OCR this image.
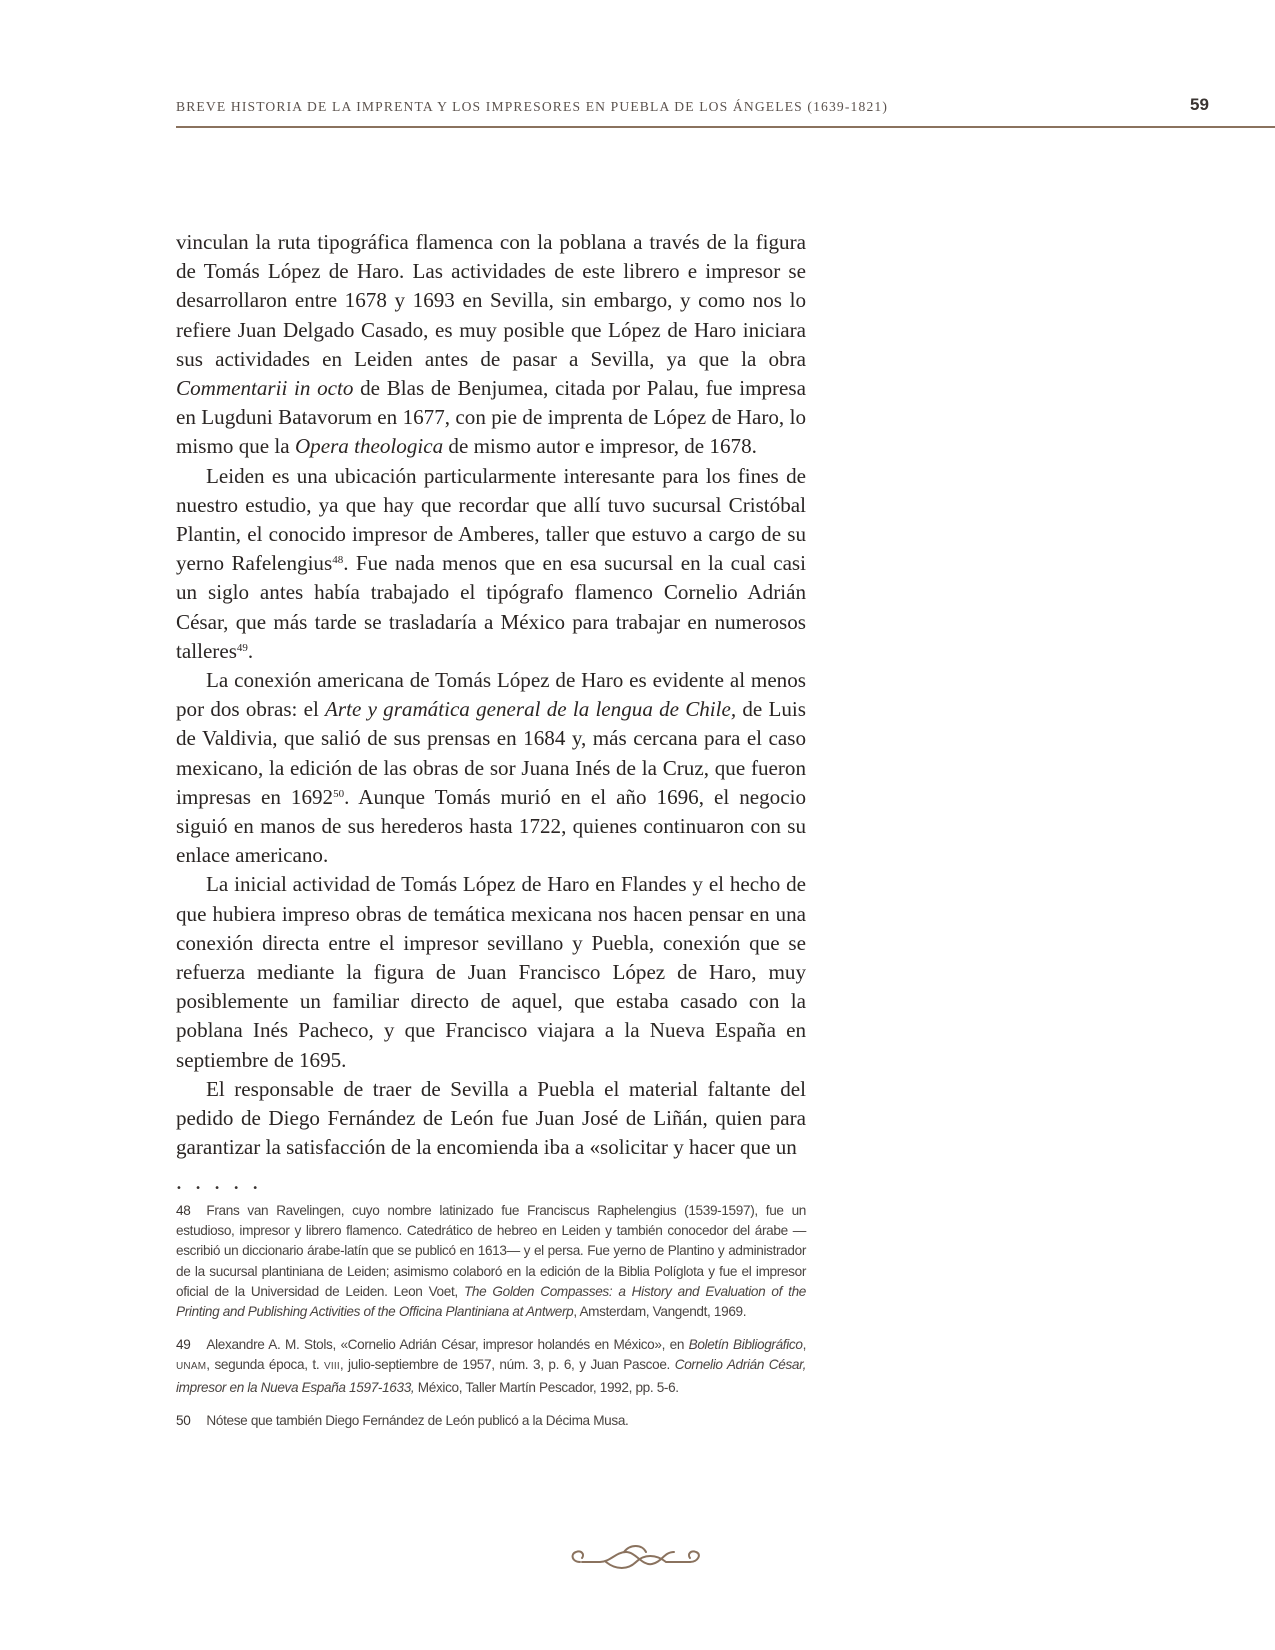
BREVE HISTORIA DE LA IMPRENTA Y LOS IMPRESORES EN PUEBLA DE LOS ÁNGELES (1639-1821)	59

vinculan la ruta tipográfica flamenca con la poblana a través de la figura de Tomás López de Haro. Las actividades de este librero e impresor se desarrollaron entre 1678 y 1693 en Sevilla, sin embargo, y como nos lo refiere Juan Delgado Casado, es muy posible que López de Haro iniciara sus actividades en Leiden antes de pasar a Sevilla, ya que la obra Commentarii in octo de Blas de Benjumea, citada por Palau, fue impresa en Lugduni Batavorum en 1677, con pie de imprenta de López de Haro, lo mismo que la Opera theologica de mismo autor e impresor, de 1678.

Leiden es una ubicación particularmente interesante para los fines de nuestro estudio, ya que hay que recordar que allí tuvo sucursal Cristóbal Plantin, el conocido impresor de Amberes, taller que estuvo a cargo de su yerno Rafelengius$^{48}$. Fue nada menos que en esa sucursal en la cual casi un siglo antes había trabajado el tipógrafo flamenco Cornelio Adrián César, que más tarde se trasladaría a México para trabajar en numerosos talleres$^{49}$.

La conexión americana de Tomás López de Haro es evidente al menos por dos obras: el Arte y gramática general de la lengua de Chile, de Luis de Valdivia, que salió de sus prensas en 1684 y, más cercana para el caso mexicano, la edición de las obras de sor Juana Inés de la Cruz, que fueron impresas en 1692$^{50}$. Aunque Tomás murió en el año 1696, el negocio siguió en manos de sus herederos hasta 1722, quienes continuaron con su enlace americano.

La inicial actividad de Tomás López de Haro en Flandes y el hecho de que hubiera impreso obras de temática mexicana nos hacen pensar en una conexión directa entre el impresor sevillano y Puebla, conexión que se refuerza mediante la figura de Juan Francisco López de Haro, muy posiblemente un familiar directo de aquel, que estaba casado con la poblana Inés Pacheco, y que Francisco viajara a la Nueva España en septiembre de 1695.

El responsable de traer de Sevilla a Puebla el material faltante del pedido de Diego Fernández de León fue Juan José de Liñán, quien para garantizar la satisfacción de la encomienda iba a «solicitar y hacer que un

• • • • •

48 Frans van Ravelingen, cuyo nombre latinizado fue Franciscus Raphelengius (1539-1597), fue un estudioso, impresor y librero flamenco. Catedrático de hebreo en Leiden y también conocedor del árabe —escribió un diccionario árabe-latín que se publicó en 1613— y el persa. Fue yerno de Plantino y administrador de la sucursal plantiniana de Leiden; asimismo colaboró en la edición de la Biblia Políglota y fue el impresor oficial de la Universidad de Leiden. Leon Voet, The Golden Compasses: a History and Evaluation of the Printing and Publishing Activities of the Officina Plantiniana at Antwerp, Amsterdam, Vangendt, 1969.

49 Alexandre A. M. Stols, «Cornelio Adrián César, impresor holandés en México», en Boletín Bibliográfico, UNAM, segunda época, t. VIII, julio-septiembre de 1957, núm. 3, p. 6, y Juan Pascoe. Cornelio Adrián César, impresor en la Nueva España 1597-1633, México, Taller Martín Pescador, 1992, pp. 5-6.

50 Nótese que también Diego Fernández de León publicó a la Décima Musa.
